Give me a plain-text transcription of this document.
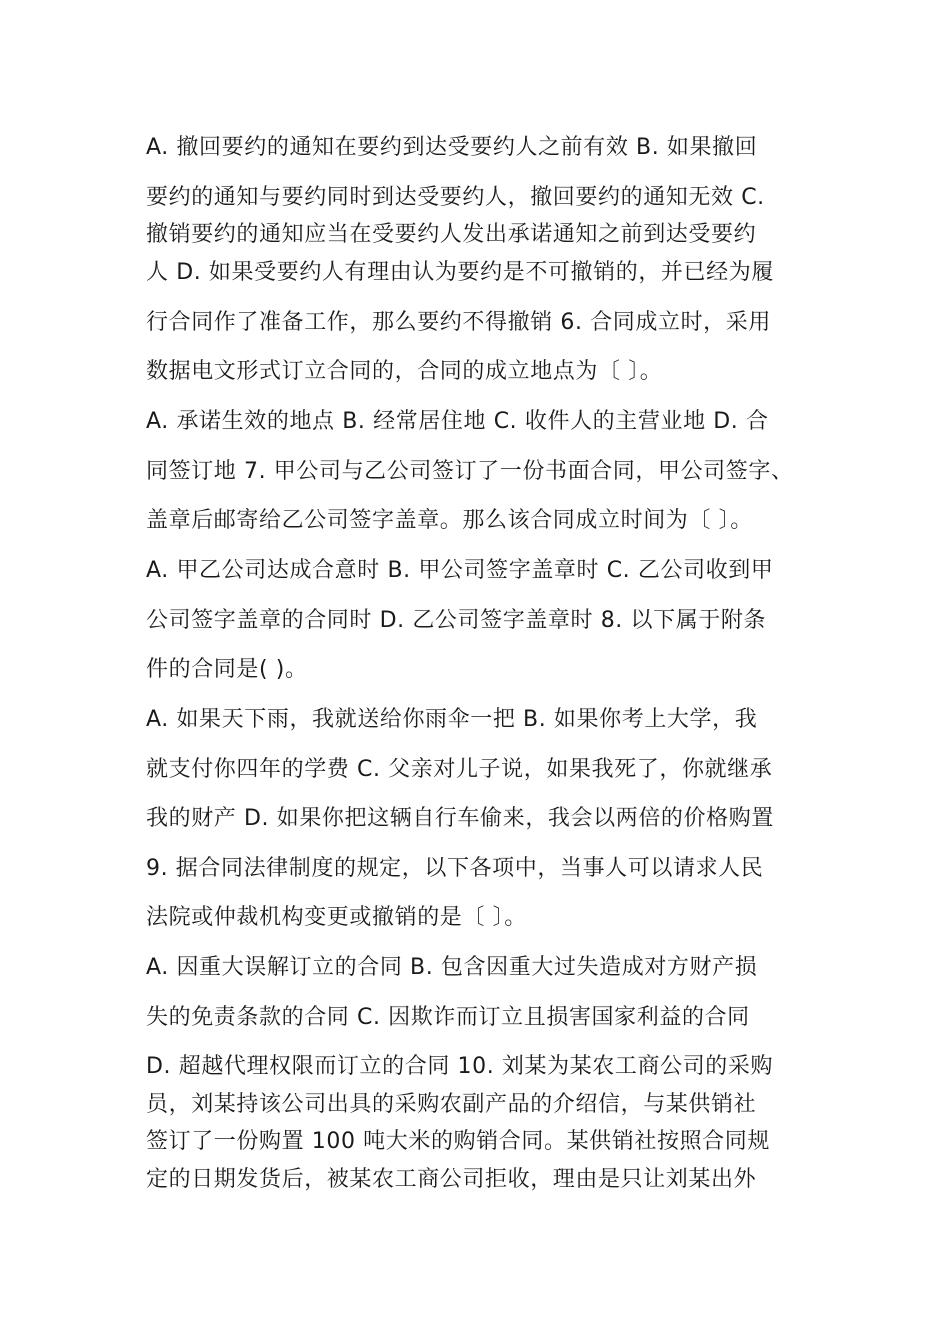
A. 撤回要约的通知在要约到达受要约人之前有效 B. 如果撤回

要约的通知与要约同时到达受要约人，撤回要约的通知无效 C.

撤销要约的通知应当在受要约人发出承诺通知之前到达受要约

人 D. 如果受要约人有理由认为要约是不可撤销的，并已经为履

行合同作了准备工作，那么要约不得撤销 6. 合同成立时，采用

数据电文形式订立合同的，合同的成立地点为〔 〕。

A. 承诺生效的地点 B. 经常居住地 C. 收件人的主营业地 D. 合

同签订地 7. 甲公司与乙公司签订了一份书面合同，甲公司签字、

盖章后邮寄给乙公司签字盖章。那么该合同成立时间为〔 〕。

A. 甲乙公司达成合意时 B. 甲公司签字盖章时 C. 乙公司收到甲

公司签字盖章的合同时 D. 乙公司签字盖章时 8. 以下属于附条

件的合同是( )。

A. 如果天下雨，我就送给你雨伞一把 B. 如果你考上大学，我

就支付你四年的学费 C. 父亲对儿子说，如果我死了，你就继承

我的财产 D. 如果你把这辆自行车偷来，我会以两倍的价格购置

9. 据合同法律制度的规定，以下各项中，当事人可以请求人民

法院或仲裁机构变更或撤销的是〔 〕。

A. 因重大误解订立的合同 B. 包含因重大过失造成对方财产损

失的免责条款的合同 C. 因欺诈而订立且损害国家利益的合同

D. 超越代理权限而订立的合同 10. 刘某为某农工商公司的采购

员，刘某持该公司出具的采购农副产品的介绍信，与某供销社

签订了一份购置 100 吨大米的购销合同。某供销社按照合同规

定的日期发货后，被某农工商公司拒收，理由是只让刘某出外
